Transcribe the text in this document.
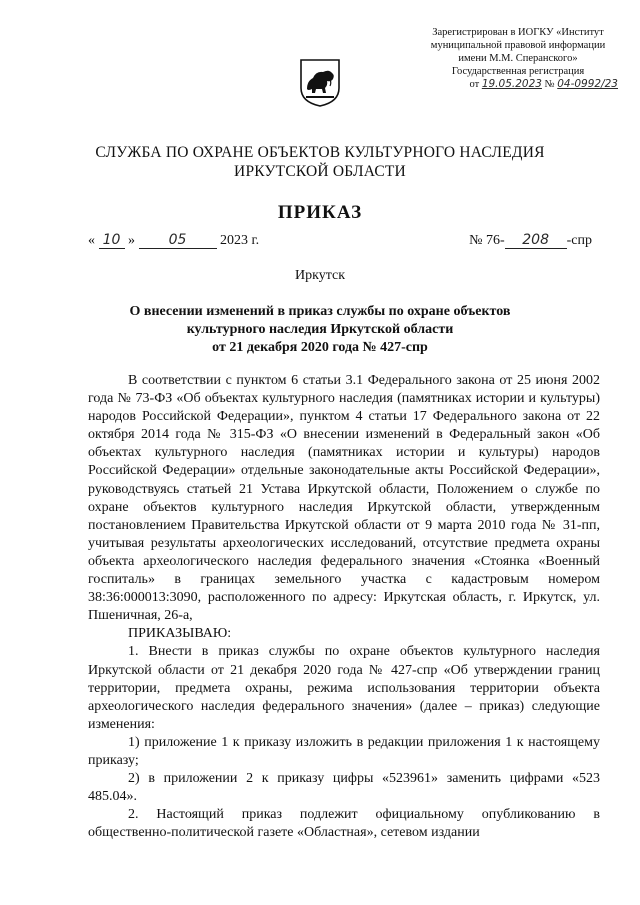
Зарегистрирован в ИОГКУ «Институт
муниципальной правовой информации
имени М.М. Сперанского»
Государственная регистрация
от 19.05.2023 № 04-0992/23
СЛУЖБА ПО ОХРАНЕ ОБЪЕКТОВ КУЛЬТУРНОГО НАСЛЕДИЯ
ИРКУТСКОЙ ОБЛАСТИ
ПРИКАЗ
« 10 » 05 2023 г.	№ 76- 208 -спр
Иркутск
О внесении изменений в приказ службы по охране объектов
культурного наследия Иркутской области
от 21 декабря 2020 года № 427-спр

В соответствии с пунктом 6 статьи 3.1 Федерального закона от 25 июня 2002 года № 73-ФЗ «Об объектах культурного наследия (памятниках истории и культуры) народов Российской Федерации», пунктом 4 статьи 17 Федерального закона от 22 октября 2014 года № 315-ФЗ «О внесении изменений в Федеральный закон «Об объектах культурного наследия (памятниках истории и культуры) народов Российской Федерации» отдельные законодательные акты Российской Федерации», руководствуясь статьей 21 Устава Иркутской области, Положением о службе по охране объектов культурного наследия Иркутской области, утвержденным постановлением Правительства Иркутской области от 9 марта 2010 года № 31-пп, учитывая результаты археологических исследований, отсутствие предмета охраны объекта археологического наследия федерального значения «Стоянка «Военный госпиталь» в границах земельного участка с кадастровым номером 38:36:000013:3090, расположенного по адресу: Иркутская область, г. Иркутск, ул. Пшеничная, 26-а,

ПРИКАЗЫВАЮ:

1. Внести в приказ службы по охране объектов культурного наследия Иркутской области от 21 декабря 2020 года № 427-спр «Об утверждении границ территории, предмета охраны, режима использования территории объекта археологического наследия федерального значения» (далее – приказ) следующие изменения:

1) приложение 1 к приказу изложить в редакции приложения 1 к настоящему приказу;

2) в приложении 2 к приказу цифры «523961» заменить цифрами «523 485.04».

2. Настоящий приказ подлежит официальному опубликованию в общественно-политической газете «Областная», сетевом издании
